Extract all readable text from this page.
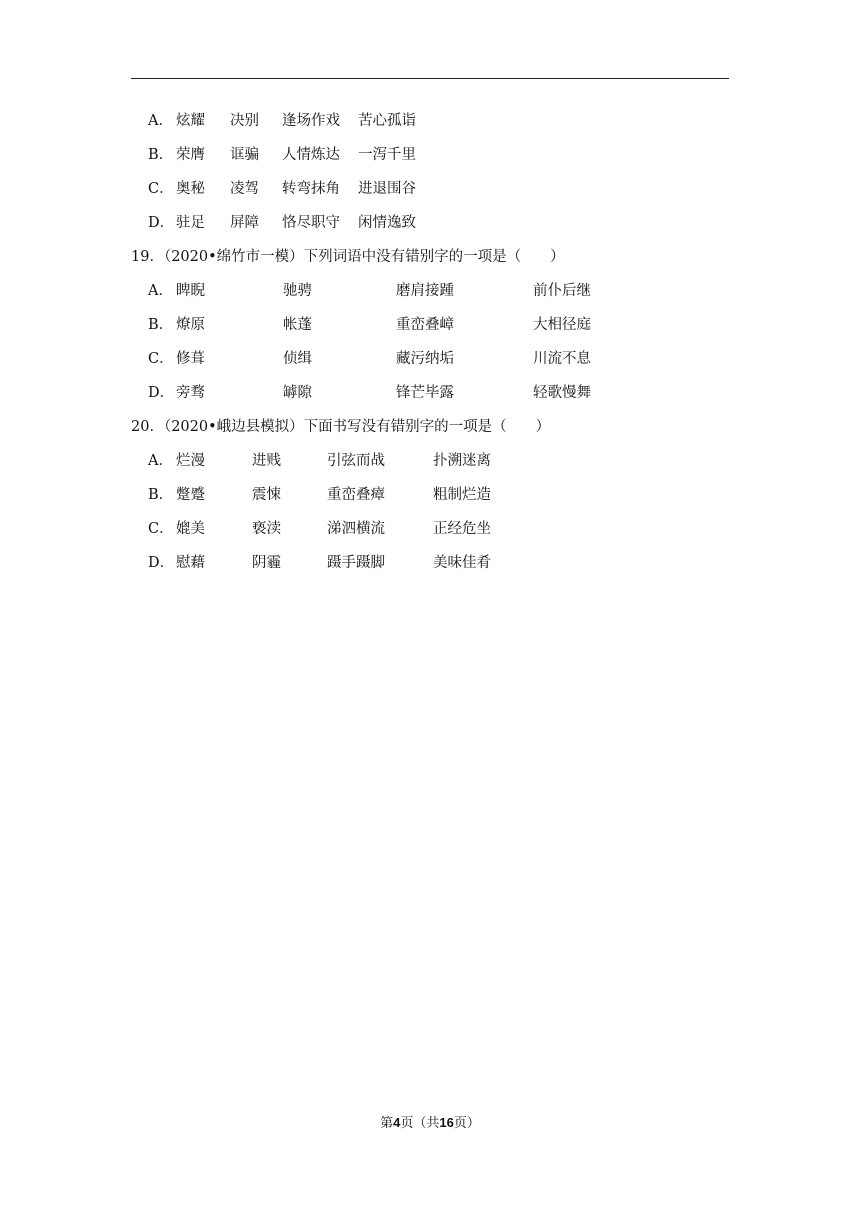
A． 炫耀 决别 逢场作戏 苦心孤诣
B． 荣膺 诓骗 人情炼达 一泻千里
C． 奥秘 凌驾 转弯抹角 进退围谷
D． 驻足 屏障 恪尽职守 闲情逸致
19．（2020•绵竹市一模）下列词语中没有错别字的一项是（　　）
A． 睥睨	驰骋	磨肩接踵	前仆后继
B． 燎原	帐蓬	重峦叠嶂	大相径庭
C． 修葺	侦缉	藏污纳垢	川流不息
D． 旁骛	罅隙	锋芒毕露	轻歌慢舞
20．（2020•峨边县模拟）下面书写没有错别字的一项是（　　）
A． 烂漫	进贱	引弦而战	扑溯迷离
B． 蹩蹙	震悚	重峦叠瘴	粗制烂造
C． 媲美	亵渎	涕泗横流	正经危坐
D． 慰藉	阴霾	蹑手蹑脚	美味佳肴
第4页（共16页）
